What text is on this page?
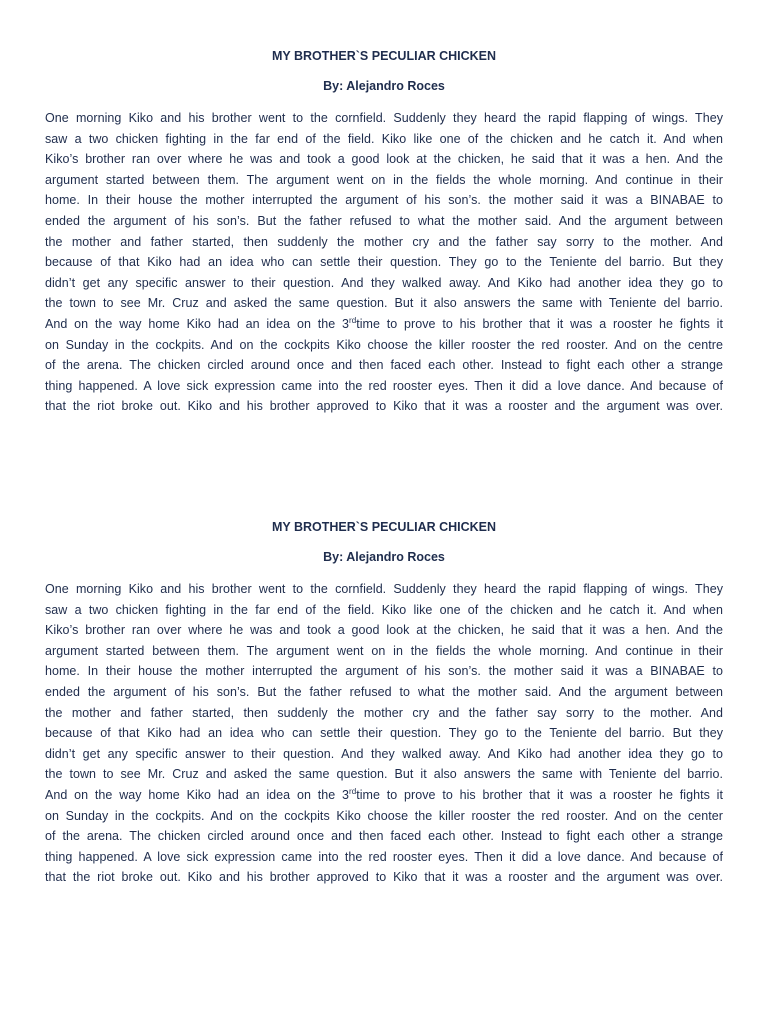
MY BROTHER`S PECULIAR CHICKEN

By: Alejandro Roces

One morning Kiko and his brother went to the cornfield. Suddenly they heard the rapid flapping of wings. They
saw a two chicken fighting in the far end of the field. Kiko like one of the chicken and he catch it. And when
Kiko’s brother ran over where he was and took a good look at the chicken, he said that it was a hen. And the
argument started between them. The argument went on in the fields the whole morning. And continue in their
home. In their house the mother interrupted the argument of his son’s. the mother said it was a BINABAE to
ended the argument of his son’s. But the father refused to what the mother said. And the argument between
the mother and father started, then suddenly the mother cry and the father say sorry to the mother. And
because of that Kiko had an idea who can settle their question. They go to the Teniente del barrio. But they
didn’t get any specific answer to their question. And they walked away. And Kiko had another idea they go to
the town to see Mr. Cruz and asked the same question. But it also answers the same with Teniente del barrio.
And on the way home Kiko had an idea on the 3rdtime to prove to his brother that it was a rooster he fights it
on Sunday in the cockpits. And on the cockpits Kiko choose the killer rooster the red rooster. And on the centre
of the arena. The chicken circled around once and then faced each other. Instead to fight each other a strange
thing happened. A love sick expression came into the red rooster eyes. Then it did a love dance. And because of
that the riot broke out. Kiko and his brother approved to Kiko that it was a rooster and the argument was over.

MY BROTHER`S PECULIAR CHICKEN

By: Alejandro Roces

One morning Kiko and his brother went to the cornfield. Suddenly they heard the rapid flapping of wings. They
saw a two chicken fighting in the far end of the field. Kiko like one of the chicken and he catch it. And when
Kiko’s brother ran over where he was and took a good look at the chicken, he said that it was a hen. And the
argument started between them. The argument went on in the fields the whole morning. And continue in their
home. In their house the mother interrupted the argument of his son’s. the mother said it was a BINABAE to
ended the argument of his son’s. But the father refused to what the mother said. And the argument between
the mother and father started, then suddenly the mother cry and the father say sorry to the mother. And
because of that Kiko had an idea who can settle their question. They go to the Teniente del barrio. But they
didn’t get any specific answer to their question. And they walked away. And Kiko had another idea they go to
the town to see Mr. Cruz and asked the same question. But it also answers the same with Teniente del barrio.
And on the way home Kiko had an idea on the 3rdtime to prove to his brother that it was a rooster he fights it
on Sunday in the cockpits. And on the cockpits Kiko choose the killer rooster the red rooster. And on the center
of the arena. The chicken circled around once and then faced each other. Instead to fight each other a strange
thing happened. A love sick expression came into the red rooster eyes. Then it did a love dance. And because of
that the riot broke out. Kiko and his brother approved to Kiko that it was a rooster and the argument was over.
